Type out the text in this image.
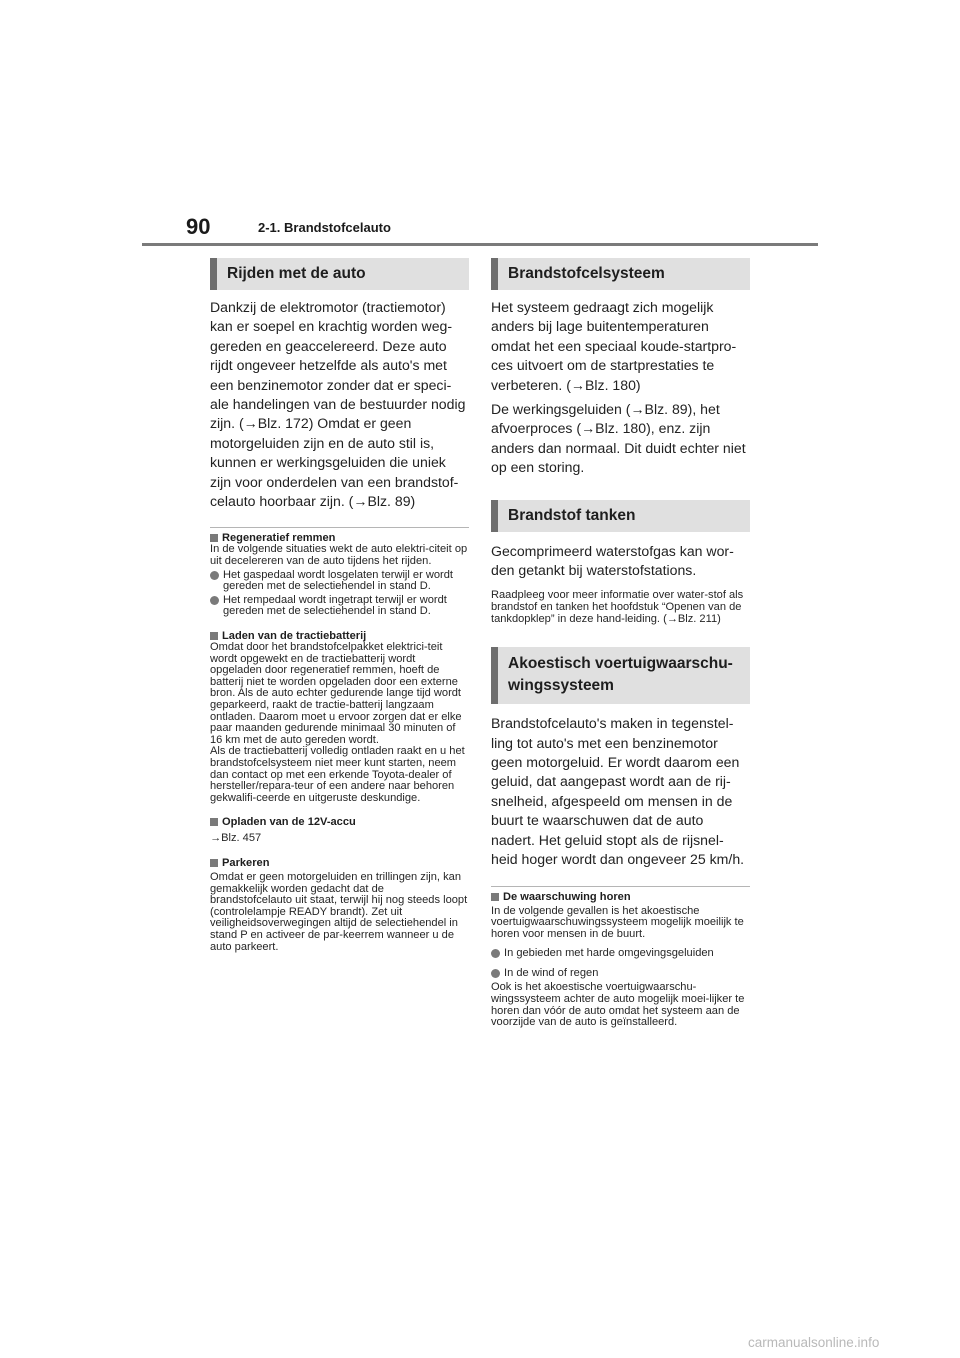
90	2-1. Brandstofcelauto
Rijden met de auto
Dankzij de elektromotor (tractiemotor) kan er soepel en krachtig worden weg-gereden en geaccelereerd. Deze auto rijdt ongeveer hetzelfde als auto's met een benzinemotor zonder dat er speci-ale handelingen van de bestuurder nodig zijn. (→Blz. 172) Omdat er geen motorgeluiden zijn en de auto stil is, kunnen er werkingsgeluiden die uniek zijn voor onderdelen van een brandstof-celauto hoorbaar zijn. (→Blz. 89)
Regeneratief remmen
In de volgende situaties wekt de auto elektri-citeit op uit decelereren van de auto tijdens het rijden.
Het gaspedaal wordt losgelaten terwijl er wordt gereden met de selectiehendel in stand D.
Het rempedaal wordt ingetrapt terwijl er wordt gereden met de selectiehendel in stand D.
Laden van de tractiebatterij
Omdat door het brandstofcelpakket elektrici-teit wordt opgewekt en de tractiebatterij wordt opgeladen door regeneratief remmen, hoeft de batterij niet te worden opgeladen door een externe bron. Als de auto echter gedurende lange tijd wordt geparkeerd, raakt de tractie-batterij langzaam ontladen. Daarom moet u ervoor zorgen dat er elke paar maanden gedurende minimaal 30 minuten of 16 km met de auto gereden wordt.
Als de tractiebatterij volledig ontladen raakt en u het brandstofcelsysteem niet meer kunt starten, neem dan contact op met een erkende Toyota-dealer of hersteller/repara-teur of een andere naar behoren gekwalifi-ceerde en uitgeruste deskundige.
Opladen van de 12V-accu
→Blz. 457
Parkeren
Omdat er geen motorgeluiden en trillingen zijn, kan gemakkelijk worden gedacht dat de brandstofcelauto uit staat, terwijl hij nog steeds loopt (controlelampje READY brandt). Zet uit veiligheidsoverwegingen altijd de selectiehendel in stand P en activeer de par-keerrem wanneer u de auto parkeert.
Brandstofcelsysteem
Het systeem gedraagt zich mogelijk anders bij lage buitentemperaturen omdat het een speciaal koude-startpro-ces uitvoert om de startprestaties te verbeteren. (→Blz. 180)
De werkingsgeluiden (→Blz. 89), het afvoerproces (→Blz. 180), enz. zijn anders dan normaal. Dit duidt echter niet op een storing.
Brandstof tanken
Gecomprimeerd waterstofgas kan wor-den getankt bij waterstofstations.
Raadpleeg voor meer informatie over water-stof als brandstof en tanken het hoofdstuk “Openen van de tankdopklep” in deze hand-leiding. (→Blz. 211)
Akoestisch voertuigwaarschu-wingssysteem
Brandstofcelauto's maken in tegenstel-ling tot auto's met een benzinemotor geen motorgeluid. Er wordt daarom een geluid, dat aangepast wordt aan de rij-snelheid, afgespeeld om mensen in de buurt te waarschuwen dat de auto nadert. Het geluid stopt als de rijsnel-heid hoger wordt dan ongeveer 25 km/h.
De waarschuwing horen
In de volgende gevallen is het akoestische voertuigwaarschuwingssysteem mogelijk moeilijk te horen voor mensen in de buurt.
In gebieden met harde omgevingsgeluiden
In de wind of regen
Ook is het akoestische voertuigwaarschu-wingssysteem achter de auto mogelijk moei-lijker te horen dan vóór de auto omdat het systeem aan de voorzijde van de auto is geïnstalleerd.
carmanualsonline.info
